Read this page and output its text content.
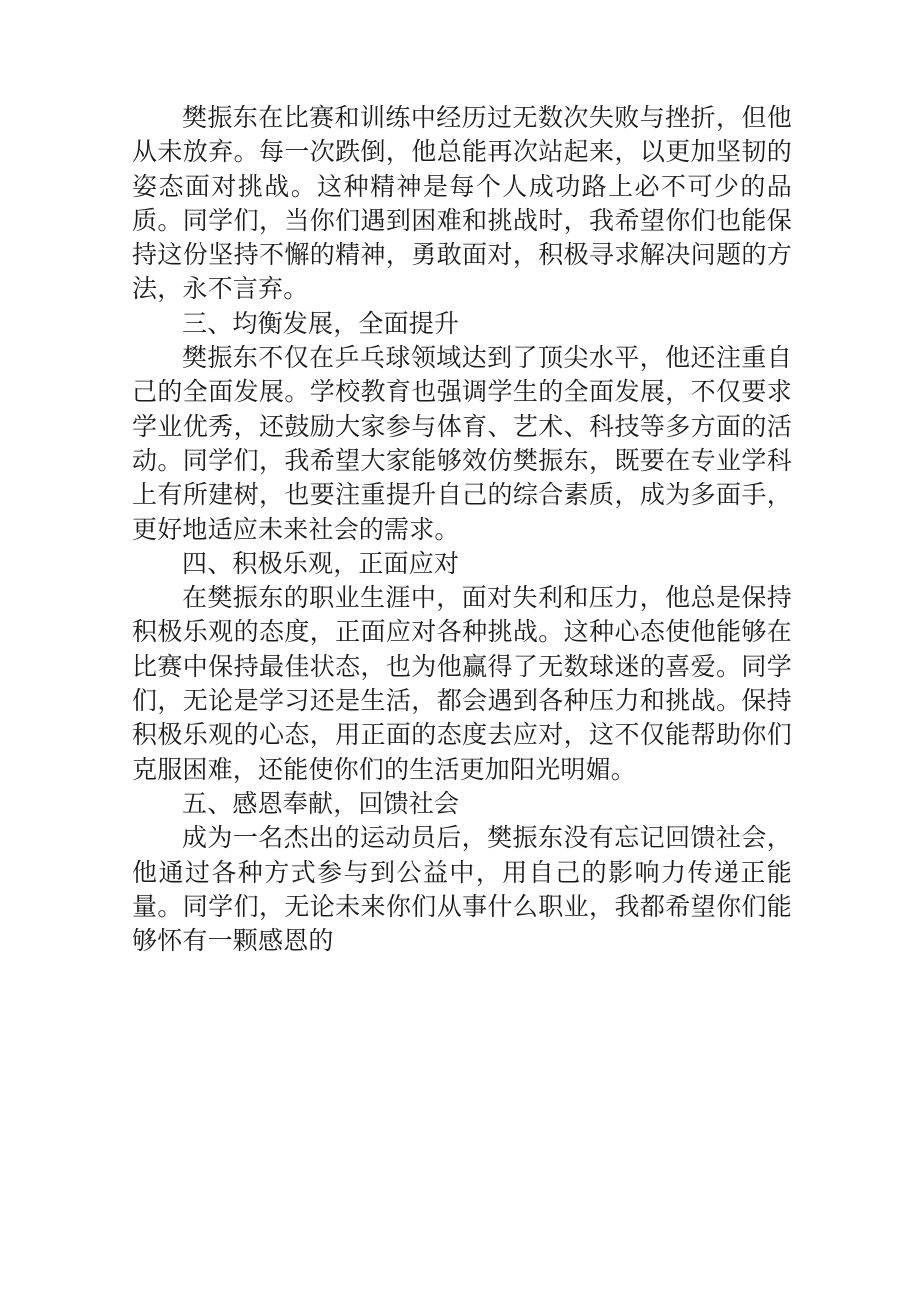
樊振东在比赛和训练中经历过无数次失败与挫折，但他从未放弃。每一次跌倒，他总能再次站起来，以更加坚韧的姿态面对挑战。这种精神是每个人成功路上必不可少的品质。同学们，当你们遇到困难和挑战时，我希望你们也能保持这份坚持不懈的精神，勇敢面对，积极寻求解决问题的方法，永不言弃。

三、均衡发展，全面提升

樊振东不仅在乒乓球领域达到了顶尖水平，他还注重自己的全面发展。学校教育也强调学生的全面发展，不仅要求学业优秀，还鼓励大家参与体育、艺术、科技等多方面的活动。同学们，我希望大家能够效仿樊振东，既要在专业学科上有所建树，也要注重提升自己的综合素质，成为多面手，更好地适应未来社会的需求。

四、积极乐观，正面应对

在樊振东的职业生涯中，面对失利和压力，他总是保持积极乐观的态度，正面应对各种挑战。这种心态使他能够在比赛中保持最佳状态，也为他赢得了无数球迷的喜爱。同学们，无论是学习还是生活，都会遇到各种压力和挑战。保持积极乐观的心态，用正面的态度去应对，这不仅能帮助你们克服困难，还能使你们的生活更加阳光明媚。

五、感恩奉献，回馈社会

成为一名杰出的运动员后，樊振东没有忘记回馈社会，他通过各种方式参与到公益中，用自己的影响力传递正能量。同学们，无论未来你们从事什么职业，我都希望你们能够怀有一颗感恩的
